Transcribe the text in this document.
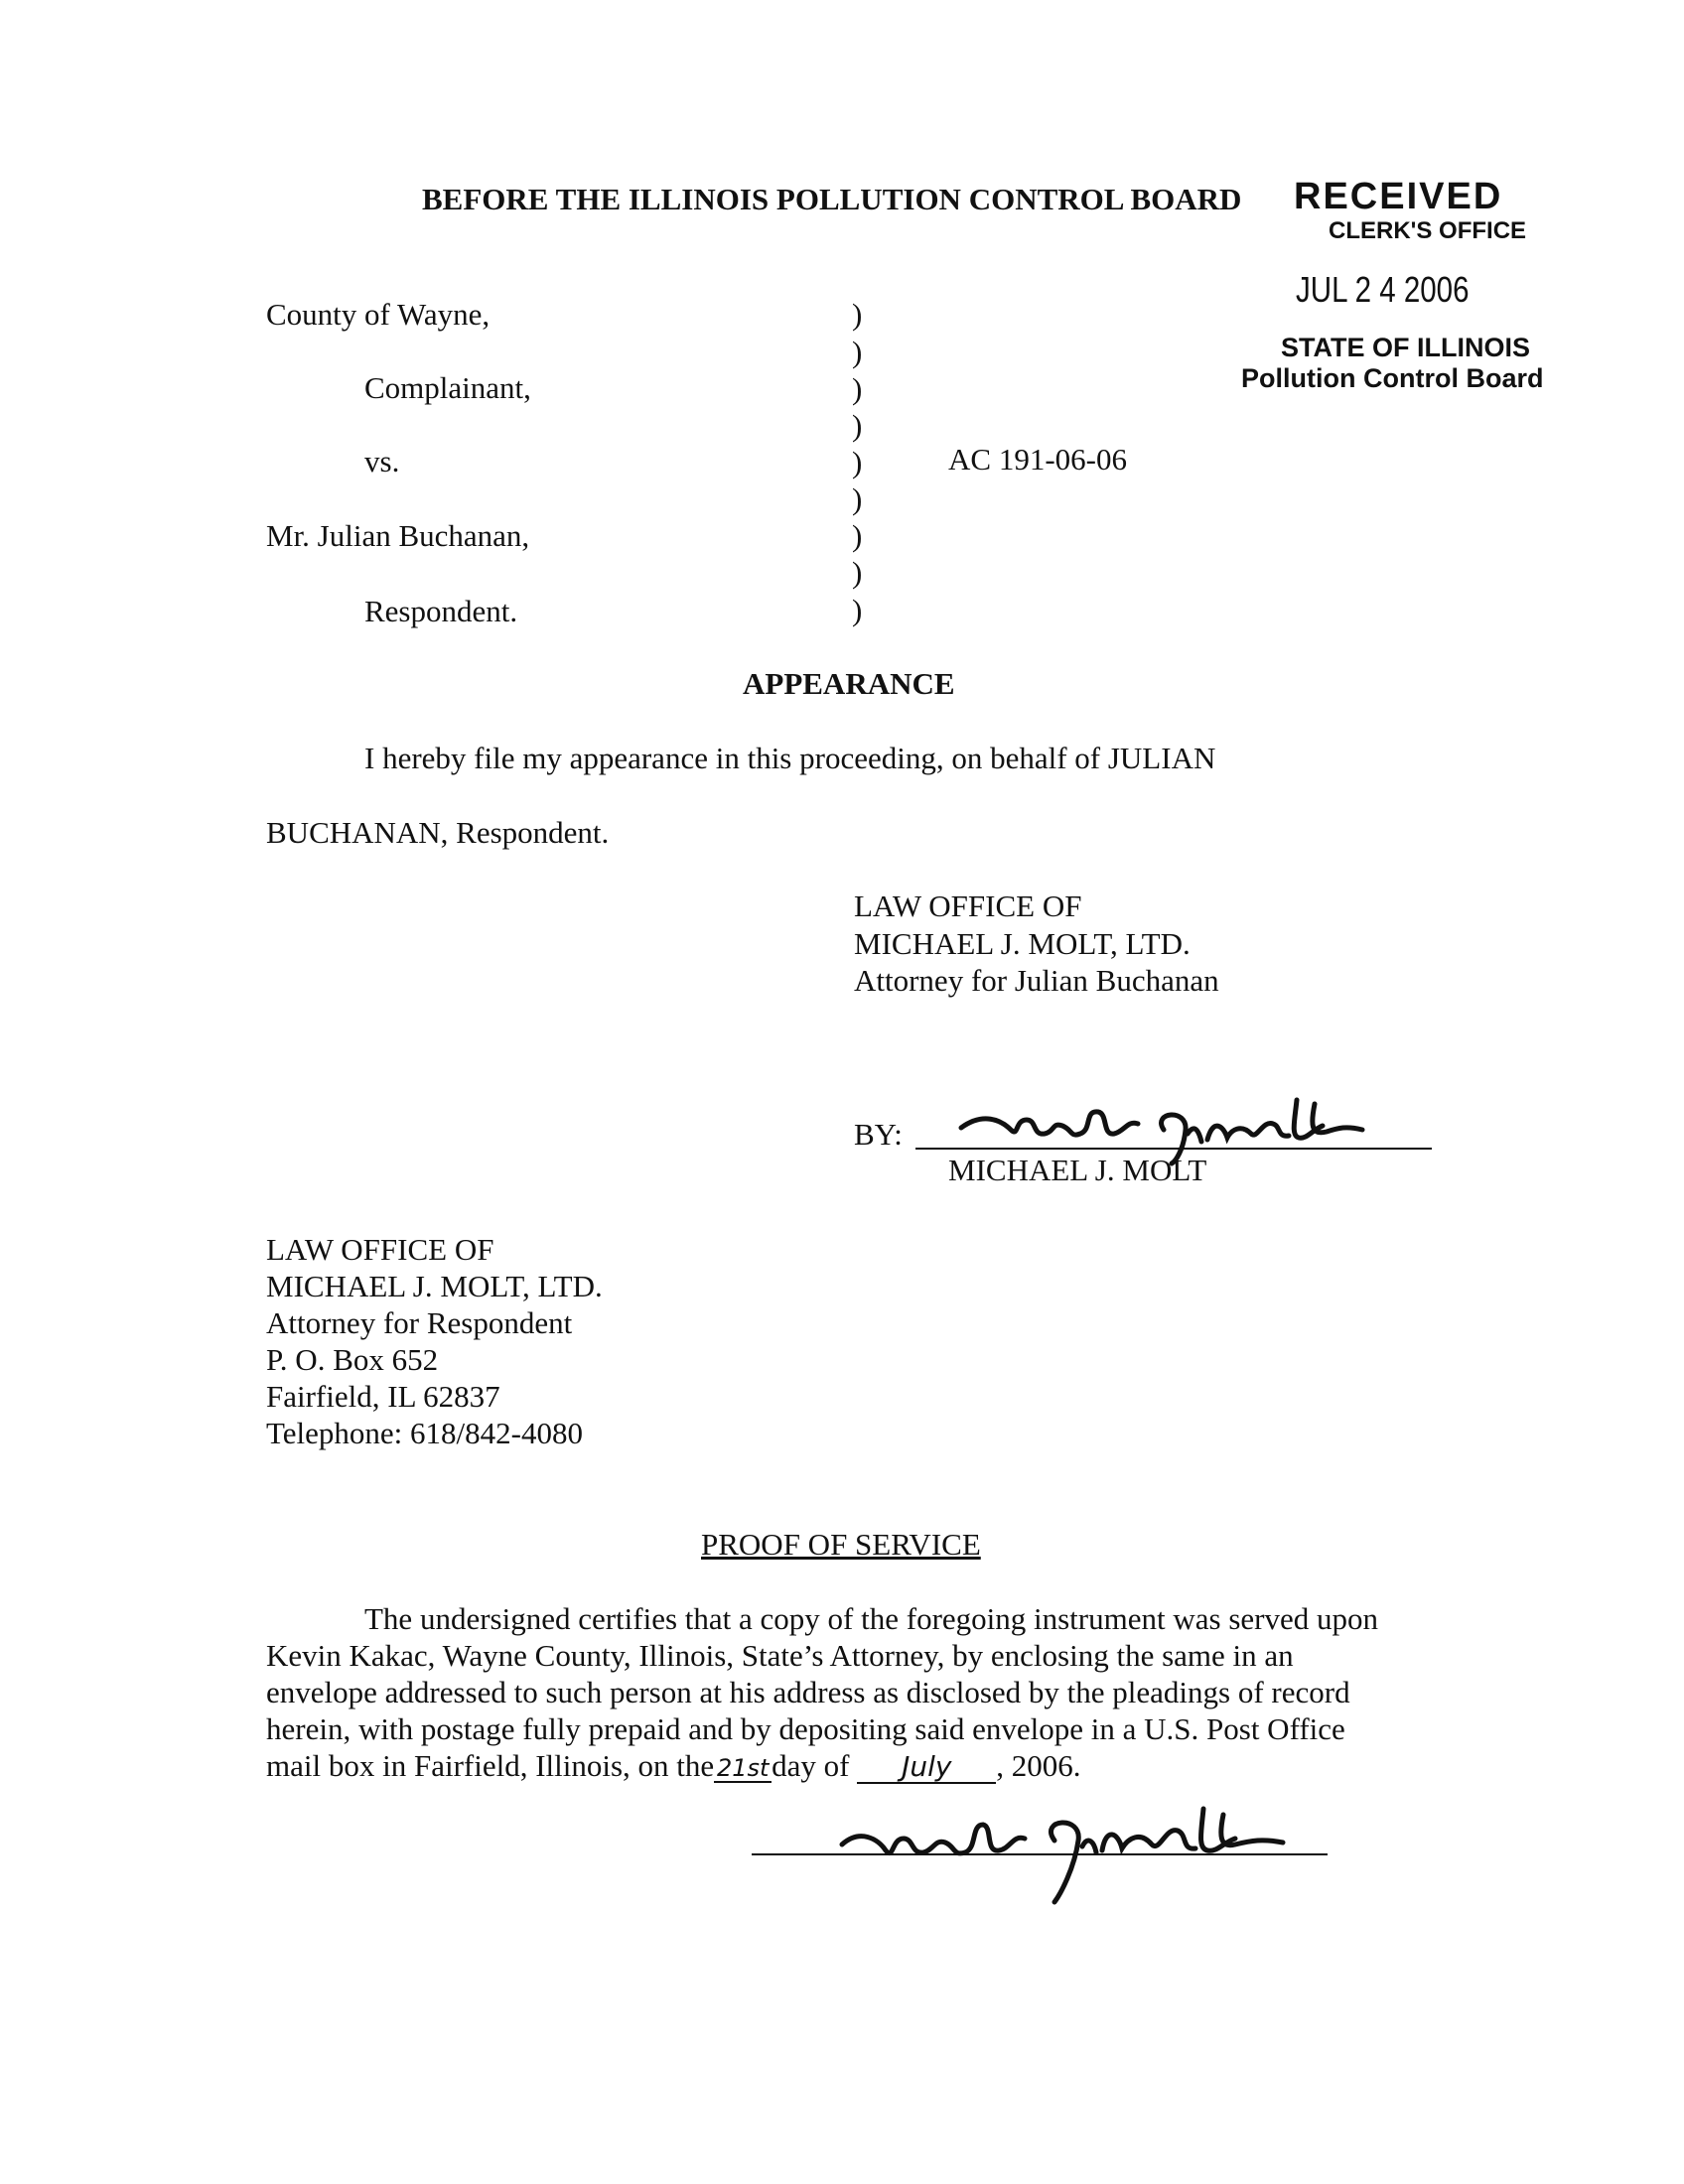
BEFORE THE ILLINOIS POLLUTION CONTROL BOARD RECEIVED
CLERK'S OFFICE
JUL 2 4 2006
STATE OF ILLINOIS
Pollution Control Board
County of Wayne,
Complainant,
vs.
Mr. Julian Buchanan,
Respondent.
)
)
)
)
)
)
)
)
)
AC 191-06-06
APPEARANCE
I hereby file my appearance in this proceeding, on behalf of JULIAN
BUCHANAN, Respondent.
LAW OFFICE OF
MICHAEL J. MOLT, LTD.
Attorney for Julian Buchanan
BY:
MICHAEL J. MOLT
LAW OFFICE OF
MICHAEL J. MOLT, LTD.
Attorney for Respondent
P. O. Box 652
Fairfield, IL 62837
Telephone: 618/842-4080
PROOF OF SERVICE
The undersigned certifies that a copy of the foregoing instrument was served upon
Kevin Kakac, Wayne County, Illinois, State’s Attorney, by enclosing the same in an
envelope addressed to such person at his address as disclosed by the pleadings of record
herein, with postage fully prepaid and by depositing said envelope in a U.S. Post Office
mail box in Fairfield, Illinois, on the 21stday of July , 2006.
